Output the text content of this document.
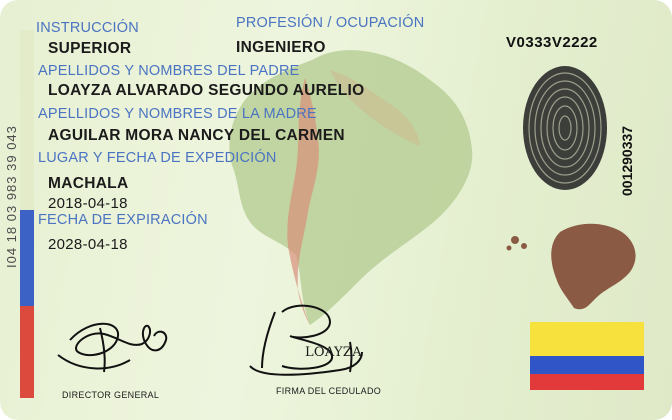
I04 18 03 983 39 043
INSTRUCCIÓN
SUPERIOR
PROFESIÓN / OCUPACIÓN
INGENIERO	V0333V2222
APELLIDOS Y NOMBRES DEL PADRE
LOAYZA ALVARADO SEGUNDO AURELIO
APELLIDOS Y NOMBRES DE LA MADRE
AGUILAR MORA NANCY DEL CARMEN
LUGAR Y FECHA DE EXPEDICIÓN
MACHALA
2018-04-18
FECHA DE EXPIRACIÓN
2028-04-18
001290337
LOAYZA
DIRECTOR GENERAL	FIRMA DEL CEDULADO
